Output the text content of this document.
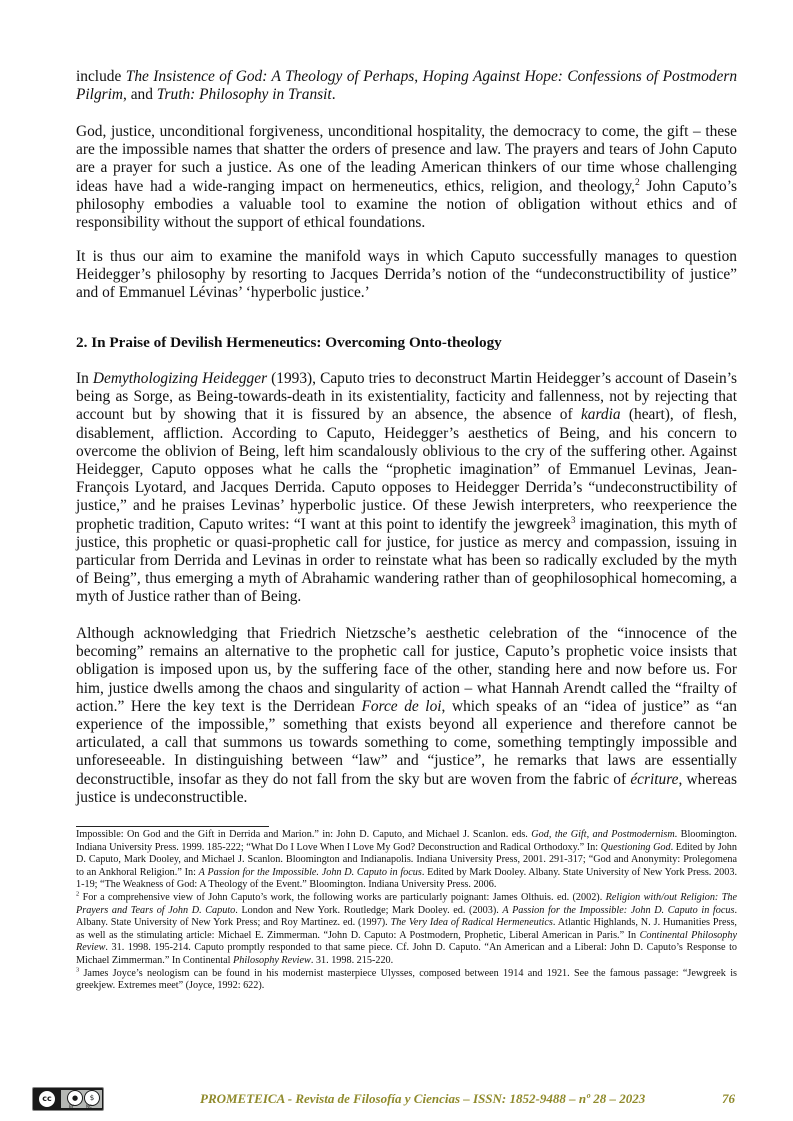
include The Insistence of God: A Theology of Perhaps, Hoping Against Hope: Confessions of Postmodern Pilgrim, and Truth: Philosophy in Transit.

God, justice, unconditional forgiveness, unconditional hospitality, the democracy to come, the gift – these are the impossible names that shatter the orders of presence and law. The prayers and tears of John Caputo are a prayer for such a justice. As one of the leading American thinkers of our time whose challenging ideas have had a wide-ranging impact on hermeneutics, ethics, religion, and theology,$^2$ John Caputo’s philosophy embodies a valuable tool to examine the notion of obligation without ethics and of responsibility without the support of ethical foundations.

It is thus our aim to examine the manifold ways in which Caputo successfully manages to question Heidegger’s philosophy by resorting to Jacques Derrida’s notion of the “undeconstructibility of justice” and of Emmanuel Lévinas’ ‘hyperbolic justice.’

2. In Praise of Devilish Hermeneutics: Overcoming Onto-theology

In Demythologizing Heidegger (1993), Caputo tries to deconstruct Martin Heidegger’s account of Dasein’s being as Sorge, as Being-towards-death in its existentiality, facticity and fallenness, not by rejecting that account but by showing that it is fissured by an absence, the absence of kardia (heart), of flesh, disablement, affliction. According to Caputo, Heidegger’s aesthetics of Being, and his concern to overcome the oblivion of Being, left him scandalously oblivious to the cry of the suffering other. Against Heidegger, Caputo opposes what he calls the “prophetic imagination” of Emmanuel Levinas, Jean-François Lyotard, and Jacques Derrida. Caputo opposes to Heidegger Derrida’s “undeconstructibility of justice,” and he praises Levinas’ hyperbolic justice. Of these Jewish interpreters, who reexperience the prophetic tradition, Caputo writes: “I want at this point to identify the jewgreek$^3$ imagination, this myth of justice, this prophetic or quasi-prophetic call for justice, for justice as mercy and compassion, issuing in particular from Derrida and Levinas in order to reinstate what has been so radically excluded by the myth of Being”, thus emerging a myth of Abrahamic wandering rather than of geophilosophical homecoming, a myth of Justice rather than of Being.

Although acknowledging that Friedrich Nietzsche’s aesthetic celebration of the “innocence of the becoming” remains an alternative to the prophetic call for justice, Caputo’s prophetic voice insists that obligation is imposed upon us, by the suffering face of the other, standing here and now before us. For him, justice dwells among the chaos and singularity of action – what Hannah Arendt called the “frailty of action.” Here the key text is the Derridean Force de loi, which speaks of an “idea of justice” as “an experience of the impossible,” something that exists beyond all experience and therefore cannot be articulated, a call that summons us towards something to come, something temptingly impossible and unforeseeable. In distinguishing between “law” and “justice”, he remarks that laws are essentially deconstructible, insofar as they do not fall from the sky but are woven from the fabric of écriture, whereas justice is undeconstructible.

Impossible: On God and the Gift in Derrida and Marion.” in: John D. Caputo, and Michael J. Scanlon. eds. God, the Gift, and Postmodernism. Bloomington. Indiana University Press. 1999. 185-222; “What Do I Love When I Love My God? Deconstruction and Radical Orthodoxy.” In: Questioning God. Edited by John D. Caputo, Mark Dooley, and Michael J. Scanlon. Bloomington and Indianapolis. Indiana University Press, 2001. 291-317; “God and Anonymity: Prolegomena to an Ankhoral Religion.” In: A Passion for the Impossible. John D. Caputo in focus. Edited by Mark Dooley. Albany. State University of New York Press. 2003. 1-19; “The Weakness of God: A Theology of the Event.” Bloomington. Indiana University Press. 2006.

$^2$ For a comprehensive view of John Caputo’s work, the following works are particularly poignant: James Olthuis. ed. (2002). Religion with/out Religion: The Prayers and Tears of John D. Caputo. London and New York. Routledge; Mark Dooley. ed. (2003). A Passion for the Impossible: John D. Caputo in focus. Albany. State University of New York Press; and Roy Martinez. ed. (1997). The Very Idea of Radical Hermeneutics. Atlantic Highlands, N. J. Humanities Press, as well as the stimulating article: Michael E. Zimmerman. “John D. Caputo: A Postmodern, Prophetic, Liberal American in Paris.” In Continental Philosophy Review. 31. 1998. 195-214. Caputo promptly responded to that same piece. Cf. John D. Caputo. “An American and a Liberal: John D. Caputo’s Response to Michael Zimmerman.” In Continental Philosophy Review. 31. 1998. 215-220.

$^3$ James Joyce’s neologism can be found in his modernist masterpiece Ulysses, composed between 1914 and 1921. See the famous passage: “Jewgreek is greekjew. Extremes meet” (Joyce, 1992: 622).

cc	●	$
BY	NC
PROMETEICA - Revista de Filosofía y Ciencias – ISSN: 1852-9488 – nº 28 – 2023	76
